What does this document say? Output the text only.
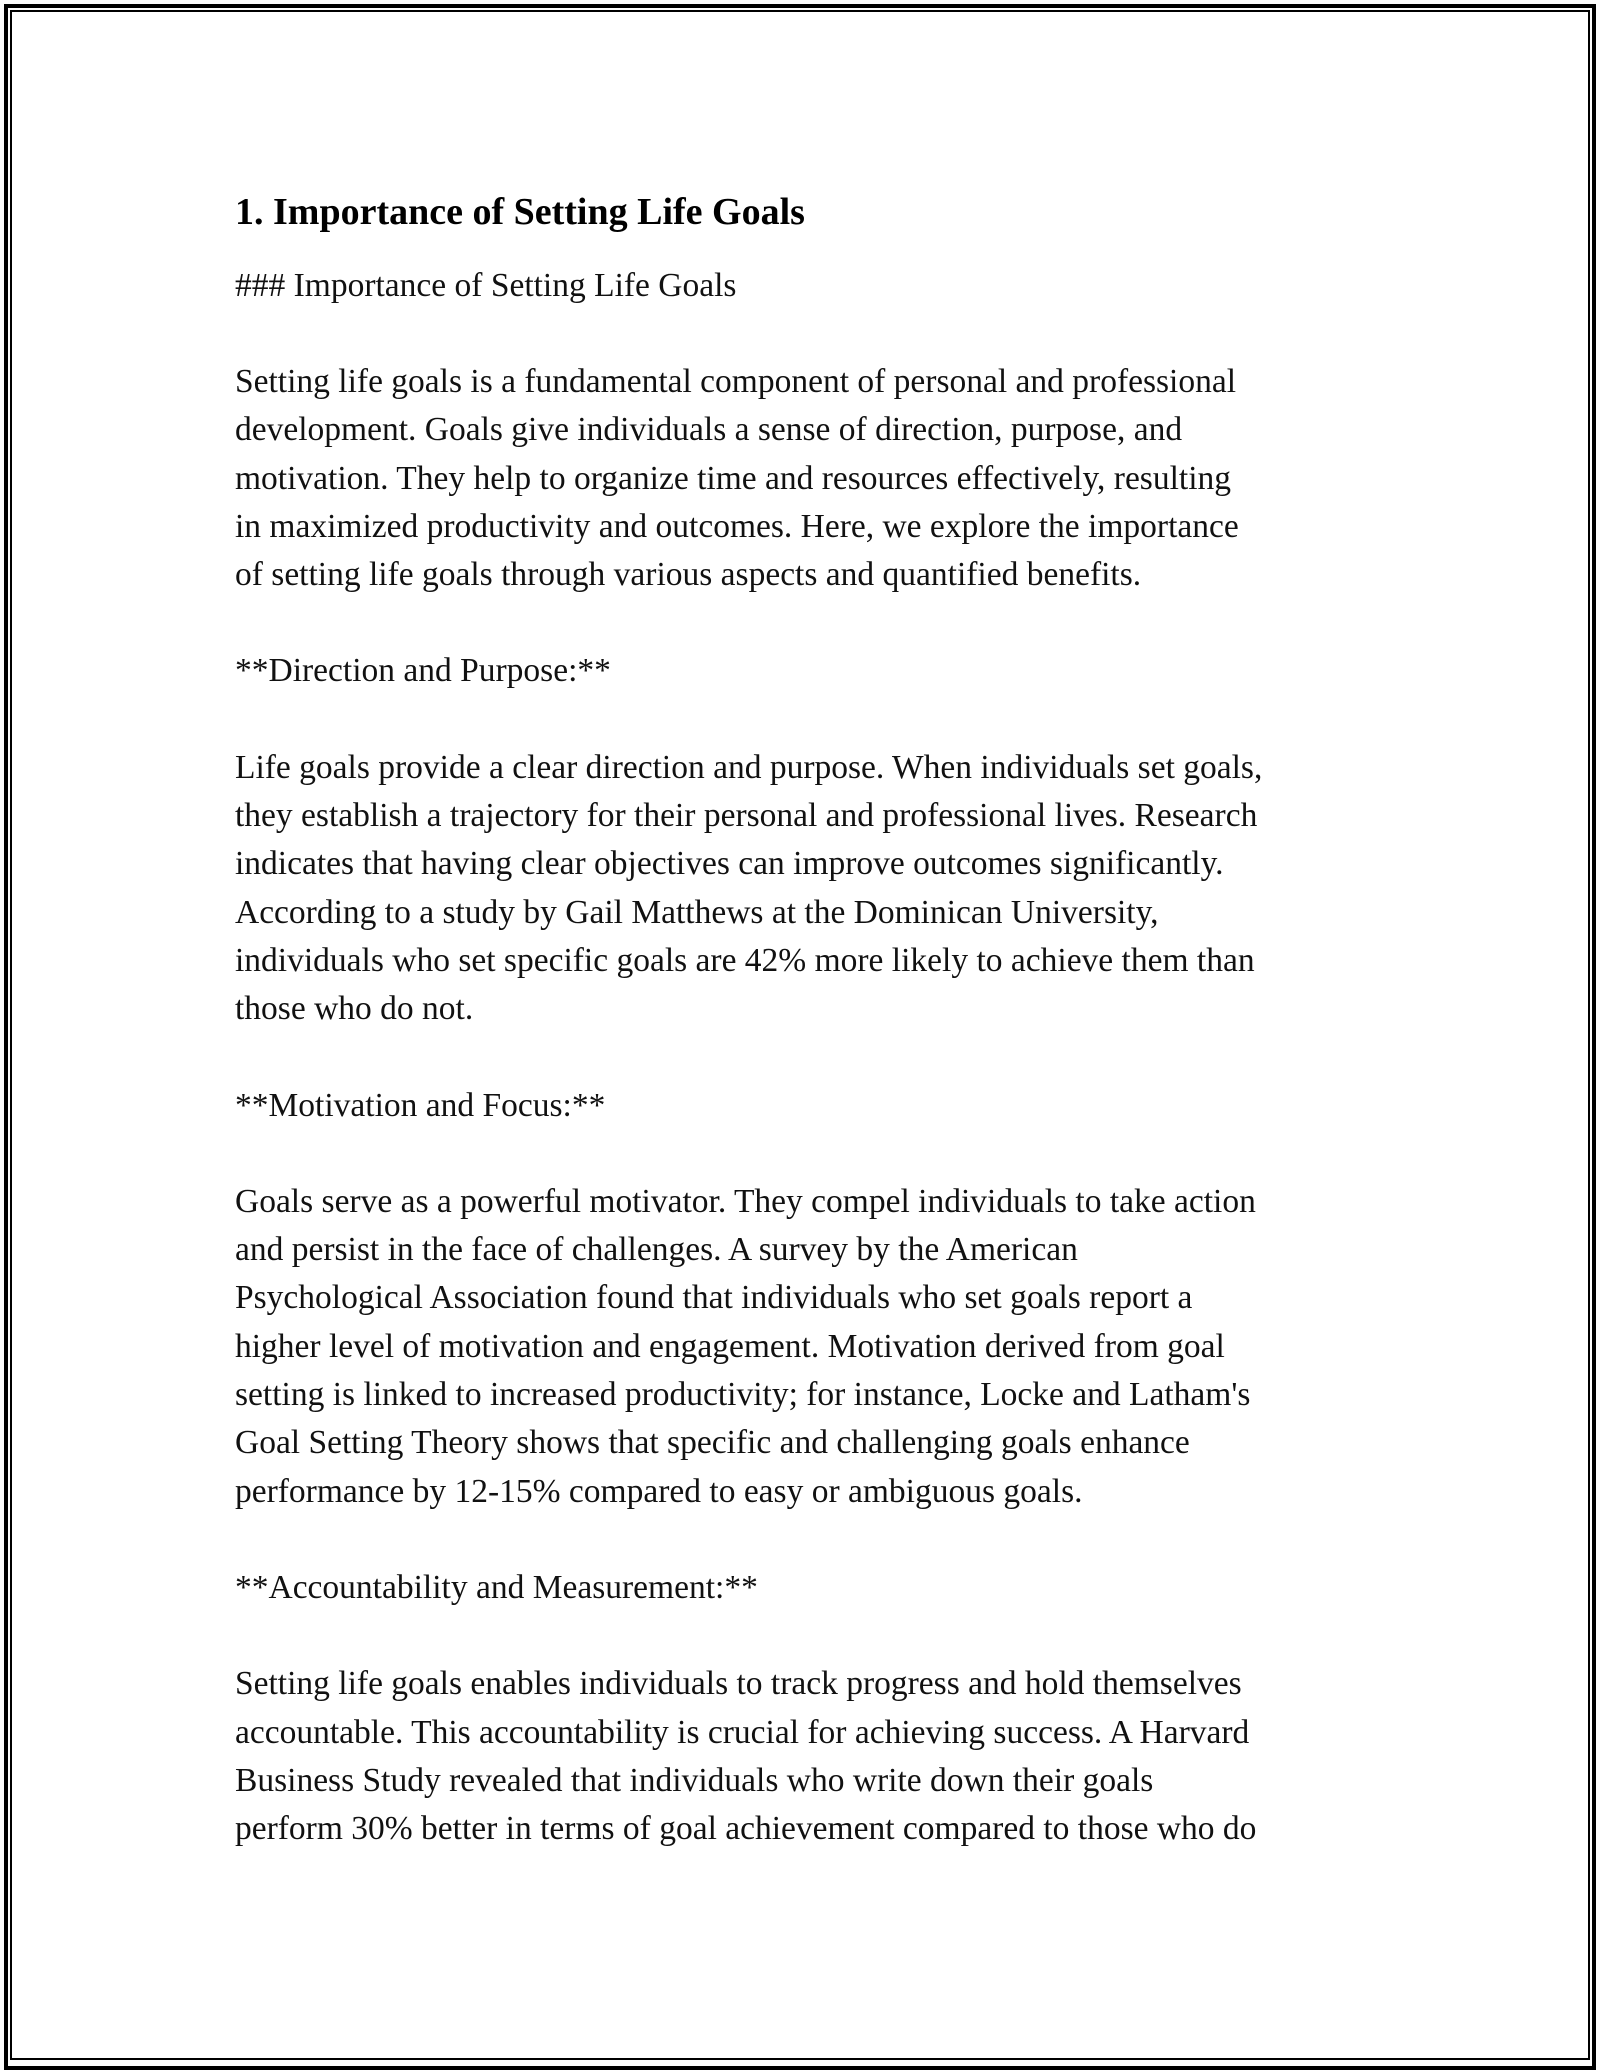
1. Importance of Setting Life Goals

### Importance of Setting Life Goals

Setting life goals is a fundamental component of personal and professional
development. Goals give individuals a sense of direction, purpose, and
motivation. They help to organize time and resources effectively, resulting
in maximized productivity and outcomes. Here, we explore the importance
of setting life goals through various aspects and quantified benefits.

**Direction and Purpose:**

Life goals provide a clear direction and purpose. When individuals set goals,
they establish a trajectory for their personal and professional lives. Research
indicates that having clear objectives can improve outcomes significantly.
According to a study by Gail Matthews at the Dominican University,
individuals who set specific goals are 42% more likely to achieve them than
those who do not.

**Motivation and Focus:**

Goals serve as a powerful motivator. They compel individuals to take action
and persist in the face of challenges. A survey by the American
Psychological Association found that individuals who set goals report a
higher level of motivation and engagement. Motivation derived from goal
setting is linked to increased productivity; for instance, Locke and Latham's
Goal Setting Theory shows that specific and challenging goals enhance
performance by 12-15% compared to easy or ambiguous goals.

**Accountability and Measurement:**

Setting life goals enables individuals to track progress and hold themselves
accountable. This accountability is crucial for achieving success. A Harvard
Business Study revealed that individuals who write down their goals
perform 30% better in terms of goal achievement compared to those who do
